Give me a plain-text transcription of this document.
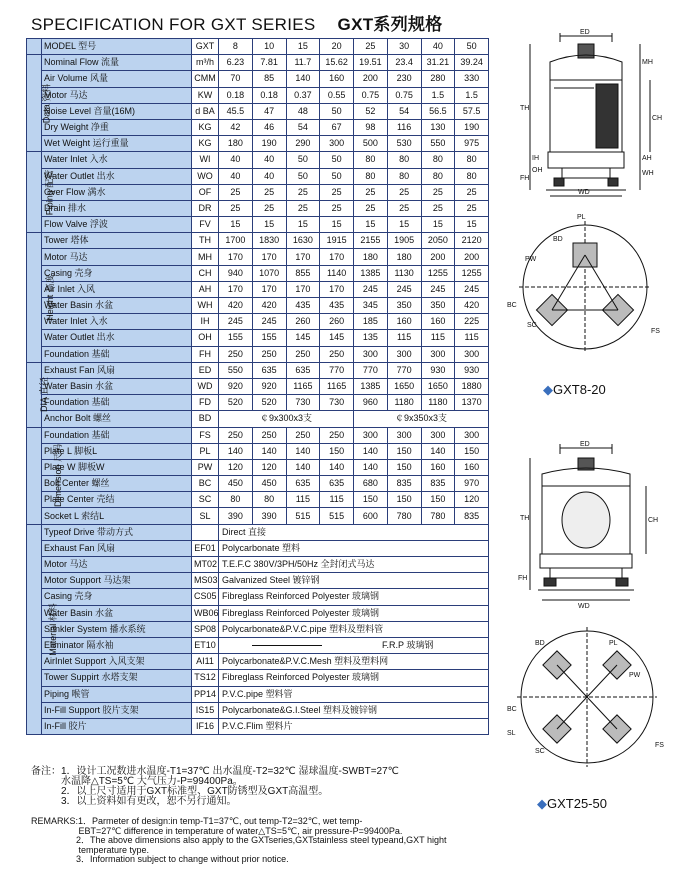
SPECIFICATION FOR GXT SERIES GXT系列规格
	MODEL 型号	GXT	8	10	15	20	25	30	40	50
Data 资料	Nominal Flow 流量	m³/h	6.23	7.81	11.7	15.62	19.51	23.4	31.21	39.24
	Air Volume 风量	CMM	70	85	140	160	200	230	280	330
	Motor 马达	KW	0.18	0.18	0.37	0.55	0.75	0.75	1.5	1.5
	Noise Level 音量(16M)	d BA	45.5	47	48	50	52	54	56.5	57.5
	Dry Weight 净重	KG	42	46	54	67	98	116	130	190
	Wet Weight 运行重量	KG	180	190	290	300	500	530	550	975
Piping 配管	Water Inlet 入水	WI	40	40	50	50	80	80	80	80
	Water Outlet 出水	WO	40	40	50	50	80	80	80	80
	Over Flow 满水	OF	25	25	25	25	25	25	25	25
	Drain 排水	DR	25	25	25	25	25	25	25	25
	Flow Valve 浮波	FV	15	15	15	15	15	15	15	15
Height 高度	Tower 塔体	TH	1700	1830	1630	1915	2155	1905	2050	2120
	Motor 马达	MH	170	170	170	170	180	180	200	200
	Casing 壳身	CH	940	1070	855	1140	1385	1130	1255	1255
	Air Inlet 入风	AH	170	170	170	170	245	245	245	245
	Water Basin 水盆	WH	420	420	435	435	345	350	350	420
	Water Inlet 入水	IH	245	245	260	260	185	160	160	225
	Water Outlet 出水	OH	155	155	145	145	135	115	115	115
	Foundation 基础	FH	250	250	250	250	300	300	300	300
DIA 直径	Exhaust Fan 风扇	ED	550	635	635	770	770	770	930	930
	Water Basin 水盆	WD	920	920	1165	1165	1385	1650	1650	1880
	Foundation 基础	FD	520	520	730	730	960	1180	1180	1370
	Anchor Bolt 螺丝	BD	￠9x300x3支				￠9x350x3支			
Dimension 尺码	Foundation 基础	FS	250	250	250	250	300	300	300	300
	Plate L 脚板L	PL	140	140	140	150	140	150	140	150
	Plate W 脚板W	PW	120	120	140	140	140	150	160	160
	Bolt Center 螺丝	BC	450	450	635	635	680	835	835	970
	Plate Center 壳结	SC	80	80	115	115	150	150	150	120
	Socket L 索结L	SL	390	390	515	515	600	780	780	835
Material 材料	Typeof Drive 带动方式		Direct 直接							
	Exhaust Fan 风扇	EF01	Polycarbonate 塑料							
	Motor 马达	MT02	T.E.F.C 380V/3PH/50Hz 全封闭式马达							
	Motor Support 马达架	MS03	Galvanized Steel 镀锌钢							
	Casing 壳身	CS05	Fibreglass Reinforced Polyester 玻璃钢							
	Water Basin 水盆	WB06	Fibreglass Reinforced Polyester 玻璃钢							
	Srinkler System 播水系统	SP08	Polycarbonate&P.V.C.pipe 塑料及塑料管							
	Eliminator 隔水袖	ET10	F.R.P 玻璃钢							
	AirInlet Support 入风支架	AI11	Polycarbonate&P.V.C.Mesh 塑料及塑料网							
	Tower Suppirt 水塔支架	TS12	Fibreglass Reinforced Polyester 玻璃钢							
	Piping 喉管	PP14	P.V.C.pipe 塑料管							
	In-Fill Support 胶片支架	IS15	Polycarbonate&G.I.Steel 塑料及镀锌钢							
	In-Fill 胶片	IF16	P.V.C.Flim 塑料片							
备注：1．设计工况数进水温度-T1=37℃ 出水温度-T2=32℃ 湿球温度-SWBT=27℃
　　　水温降△TS=5℃ 大气压力-P=99400Pa。
　　　2．以上尺寸适用于GXT标准型、GXT防锈型及GXT高温型。
　　　3．以上资料如有更改，恕不另行通知。
REMARKS:1．Parmeter of design:in temp-T1=37℃, out temp-T2=32℃, wet temp-
　　　　　 EBT=27℃ difference in temperature of water△TS=5℃, air pressure-P=99400Pa.
　　　　　2．The above dimensions also apply to the GXTseries,GXTstainless steel typeand,GXT hight
　　　　　 temperature type.
　　　　　3．Information subject to change without prior notice.
ED
TH
MH
CH
AH
WH
FH
IH
OH
WD
BD
PL
PW
BC
SC
FS
◆GXT8-20
ED
TH	CH
FH
WD
BD	PL
PW
BC
SC
SL
FS
◆GXT25-50
